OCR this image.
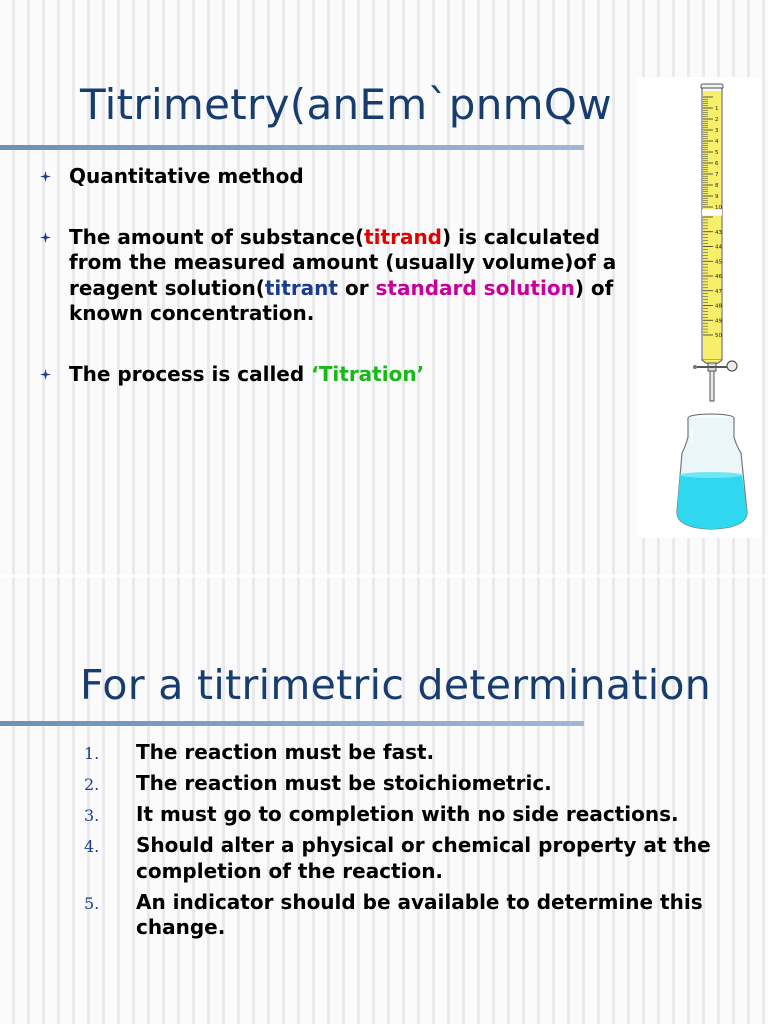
Titrimetry(anEm`pnmQw
Quantitative method
The amount of substance(titrand) is calculated from the measured amount (usually volume)of a reagent solution(titrant or standard solution) of known concentration.
The process is called ‘Titration’
1
2
3
4
5
6
7
8
9
10
43
44
45
46
47
48
49
50
For a titrimetric determination
1. The reaction must be fast.
2. The reaction must be stoichiometric.
3. It must go to completion with no side reactions.
4. Should alter a physical or chemical property at the completion of the reaction.
5. An indicator should be available to determine this change.
